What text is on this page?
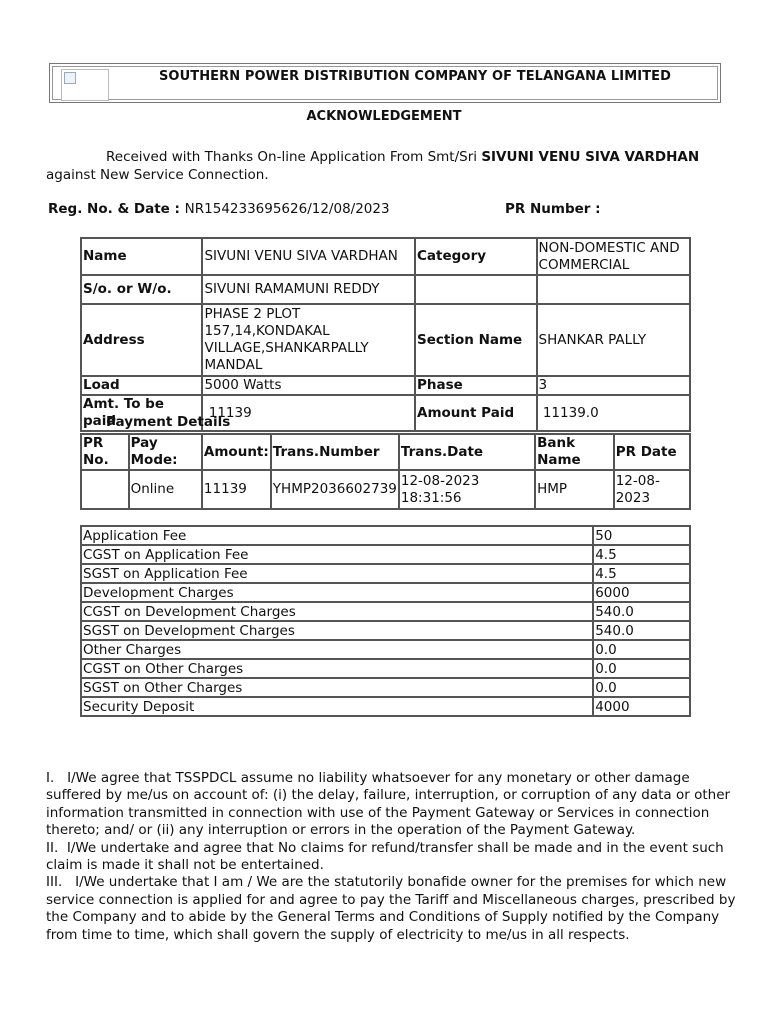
SOUTHERN POWER DISTRIBUTION COMPANY OF TELANGANA LIMITED
ACKNOWLEDGEMENT
Received with Thanks On-line Application From Smt/Sri SIVUNI VENU SIVA VARDHAN
against New Service Connection.
Reg. No. & Date : NR154233695626/12/08/2023	PR Number :
Name	SIVUNI VENU SIVA VARDHAN	Category	NON-DOMESTIC AND COMMERCIAL
S/o. or W/o.	SIVUNI RAMAMUNI REDDY		
Address	PHASE 2 PLOT 157,14,KONDAKAL VILLAGE,SHANKARPALLY MANDAL	Section Name	SHANKAR PALLY
Load	5000 Watts	Phase	3
Amt. To be paid	11139	Amount Paid	11139.0
Payment Details
PR No.	Pay Mode:	Amount:	Trans.Number	Trans.Date	Bank Name	PR Date
	Online	11139	YHMP2036602739	12-08-2023 18:31:56	HMP	12-08-2023
Application Fee	50
CGST on Application Fee	4.5
SGST on Application Fee	4.5
Development Charges	6000
CGST on Development Charges	540.0
SGST on Development Charges	540.0
Other Charges	0.0
CGST on Other Charges	0.0
SGST on Other Charges	0.0
Security Deposit	4000

I.   I/We agree that TSSPDCL assume no liability whatsoever for any monetary or other damage suffered by me/us on account of: (i) the delay, failure, interruption, or corruption of any data or other information transmitted in connection with use of the Payment Gateway or Services in connection thereto; and/ or (ii) any interruption or errors in the operation of the Payment Gateway.

II.  I/We undertake and agree that No claims for refund/transfer shall be made and in the event such claim is made it shall not be entertained.

III.   I/We undertake that I am / We are the statutorily bonafide owner for the premises for which new service connection is applied for and agree to pay the Tariff and Miscellaneous charges, prescribed by the Company and to abide by the General Terms and Conditions of Supply notified by the Company from time to time, which shall govern the supply of electricity to me/us in all respects.
